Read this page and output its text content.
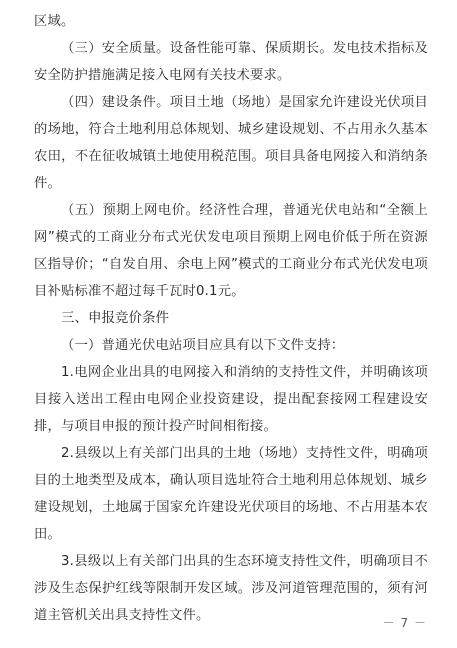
区域。

（三）安全质量。设备性能可靠、保质期长。发电技术指标及安全防护措施满足接入电网有关技术要求。

（四）建设条件。项目土地（场地）是国家允许建设光伏项目的场地，符合土地利用总体规划、城乡建设规划、不占用永久基本农田，不在征收城镇土地使用税范围。项目具备电网接入和消纳条件。

（五）预期上网电价。经济性合理，普通光伏电站和“全额上网”模式的工商业分布式光伏发电项目预期上网电价低于所在资源区指导价；“自发自用、余电上网”模式的工商业分布式光伏发电项目补贴标准不超过每千瓦时0.1元。

三、申报竞价条件

（一）普通光伏电站项目应具有以下文件支持：

1.电网企业出具的电网接入和消纳的支持性文件，并明确该项目接入送出工程由电网企业投资建设，提出配套接网工程建设安排，与项目申报的预计投产时间相衔接。

2.县级以上有关部门出具的土地（场地）支持性文件，明确项目的土地类型及成本，确认项目选址符合土地利用总体规划、城乡建设规划，土地属于国家允许建设光伏项目的场地、不占用基本农田。

3.县级以上有关部门出具的生态环境支持性文件，明确项目不涉及生态保护红线等限制开发区域。涉及河道管理范围的，须有河道主管机关出具支持性文件。	－ 7 －
